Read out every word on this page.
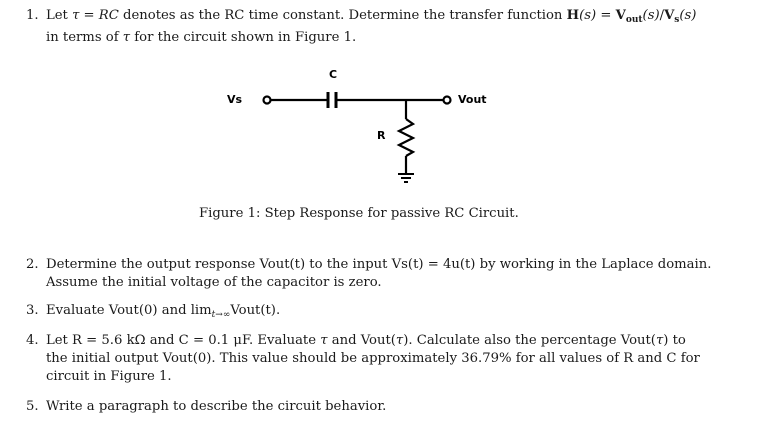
1. Let τ = RC denotes as the RC time constant. Determine the transfer function $H(s) = V_{out}(s)/V_s(s)$
in terms of τ for the circuit shown in Figure 1.
Vs
C
R
Vout
Figure 1: Step Response for passive RC Circuit.
2. Determine the output response Vout(t) to the input Vs(t) = 4u(t) by working in the Laplace domain.
Assume the initial voltage of the capacitor is zero.
3. Evaluate Vout(0) and $\lim_{t\to\infty}Vout(t)$.
4. Let R = 5.6 kΩ and C = 0.1 μF. Evaluate τ and Vout(τ). Calculate also the percentage Vout(τ) to
the initial output Vout(0). This value should be approximately 36.79% for all values of R and C for
circuit in Figure 1.
5. Write a paragraph to describe the circuit behavior.
